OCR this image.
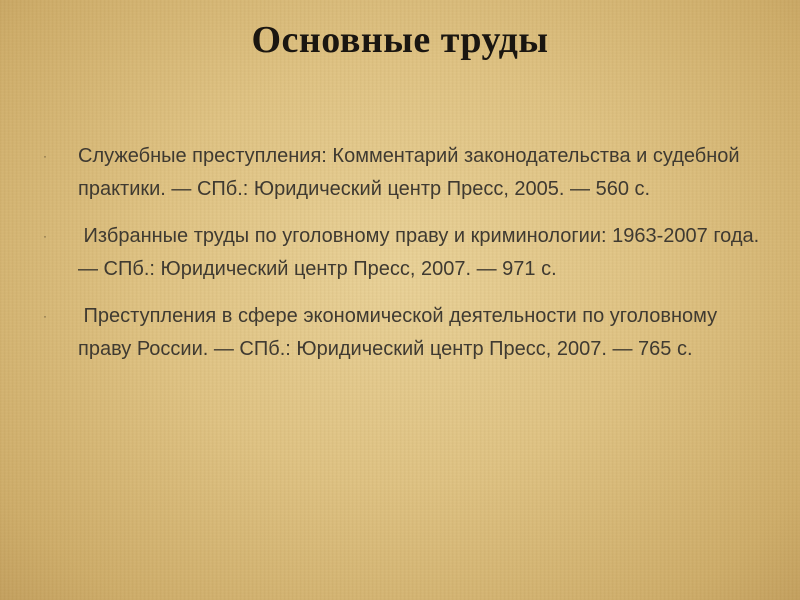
Основные труды
· Служебные преступления: Комментарий законодательства и судебной практики. — СПб.: Юридический центр Пресс, 2005. — 560 с.
· Избранные труды по уголовному праву и криминологии: 1963-2007 года. — СПб.: Юридический центр Пресс, 2007. — 971 с.
· Преступления в сфере экономической деятельности по уголовному праву России. — СПб.: Юридический центр Пресс, 2007. — 765 с.
